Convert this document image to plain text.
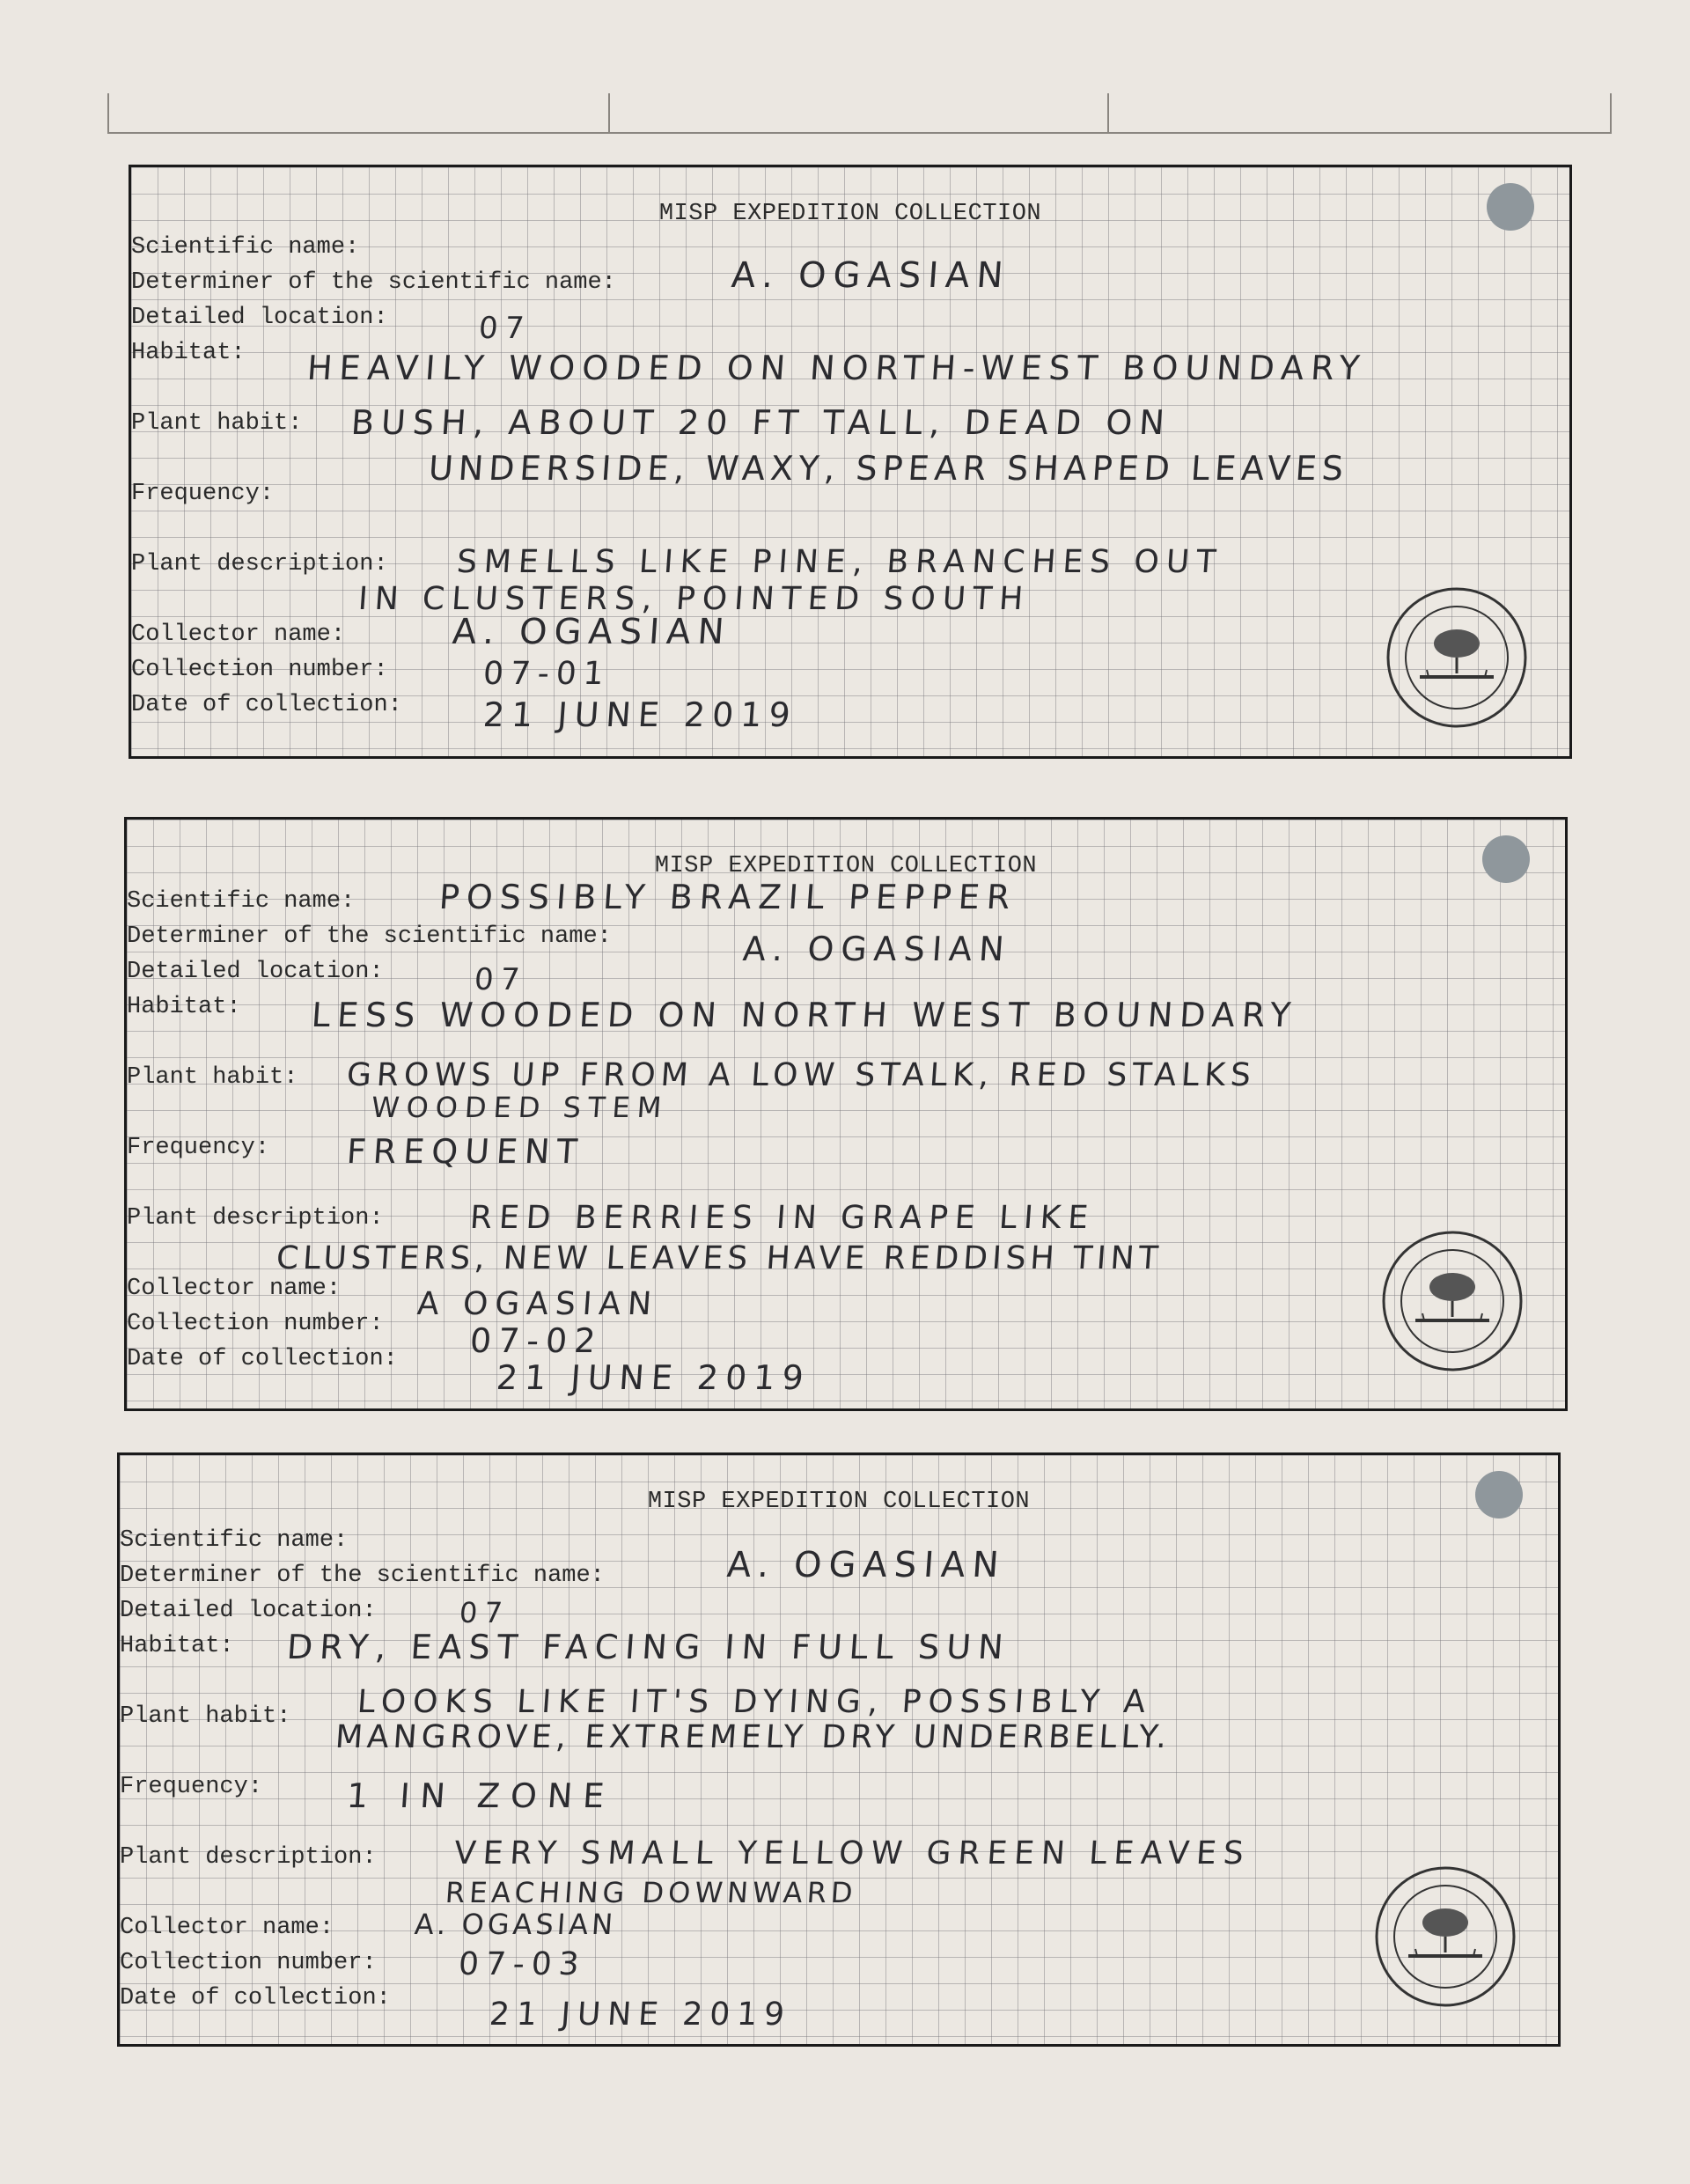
MISP EXPEDITION COLLECTION
Scientific name:
Determiner of the scientific name:	A. OGASIAN
Detailed location:	07
Habitat: HEAVILY WOODED ON NORTH-WEST BOUNDARY
Plant habit: BUSH, ABOUT 20 FT TALL, DEAD ON
UNDERSIDE, WAXY, SPEAR SHAPED LEAVES
Frequency:
Plant description: SMELLS LIKE PINE, BRANCHES OUT
IN CLUSTERS, POINTED SOUTH
Collector name:	A. OGASIAN
Collection number:	07-01
Date of collection: 21 JUNE 2019
MISP EXPEDITION COLLECTION
Scientific name: POSSIBLY BRAZIL PEPPER
Determiner of the scientific name:	A. OGASIAN
Detailed location:	07
Habitat: LESS WOODED ON NORTH WEST BOUNDARY
Plant habit: GROWS UP FROM A LOW STALK, RED STALKS
WOODED STEM
Frequency: FREQUENT
Plant description:	RED BERRIES IN GRAPE LIKE
CLUSTERS, NEW LEAVES HAVE REDDISH TINT
Collector name: A OGASIAN
Collection number:	07-02
Date of collection:	21 JUNE 2019
MISP EXPEDITION COLLECTION
Scientific name:
Determiner of the scientific name:	A. OGASIAN
Detailed location:	07
Habitat: DRY, EAST FACING IN FULL SUN
Plant habit: LOOKS LIKE IT'S DYING, POSSIBLY A
MANGROVE, EXTREMELY DRY UNDERBELLY.
Frequency: 1 IN ZONE
Plant description: VERY SMALL YELLOW GREEN LEAVES
REACHING DOWNWARD
Collector name:	A. OGASIAN
Collection number:	07-03
Date of collection:	21 JUNE 2019
